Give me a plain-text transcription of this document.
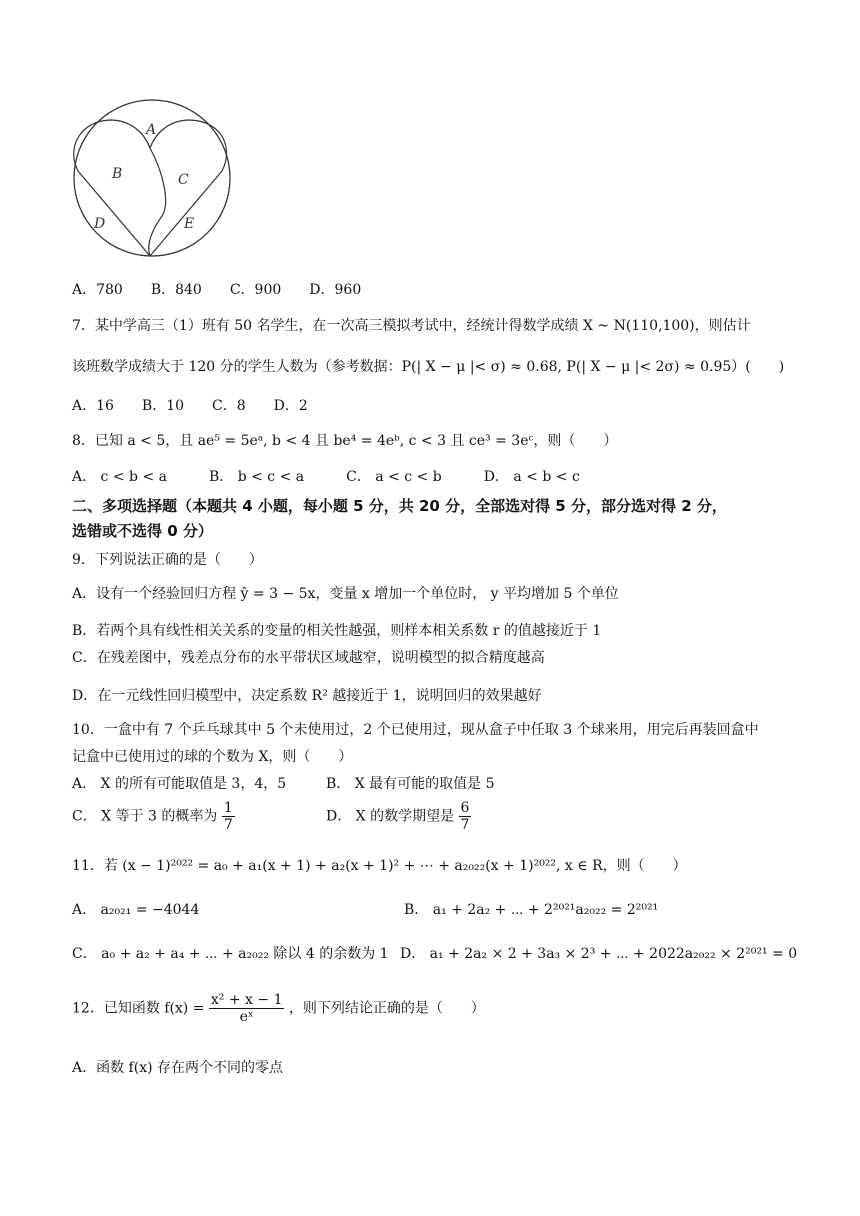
A
B	C
D	E
A．780　　B．840　　C．900　　D．960
7．某中学高三（1）班有 50 名学生，在一次高三模拟考试中，经统计得数学成绩 X ~ N(110,100)，则估计
该班数学成绩大于 120 分的学生人数为（参考数据：P(| X − μ |< σ) ≈ 0.68, P(| X − μ |< 2σ) ≈ 0.95）(　　)
A．16　　B．10　　C．8　　D．2
8．已知 a < 5，且 ae⁵ = 5eᵃ, b < 4 且 be⁴ = 4eᵇ, c < 3 且 ce³ = 3eᶜ，则（　　）
A． c < b < a　　　B． b < c < a　　　C． a < c < b　　　D． a < b < c
二、多项选择题（本题共 4 小题，每小题 5 分，共 20 分，全部选对得 5 分，部分选对得 2 分，
选错或不选得 0 分）
9．下列说法正确的是（　　）
A．设有一个经验回归方程 ŷ = 3 − 5x，变量 x 增加一个单位时， y 平均增加 5 个单位
B．若两个具有线性相关关系的变量的相关性越强，则样本相关系数 r 的值越接近于 1
C．在残差图中，残差点分布的水平带状区域越窄，说明模型的拟合精度越高
D．在一元线性回归模型中，决定系数 R² 越接近于 1，说明回归的效果越好
10．一盒中有 7 个乒乓球其中 5 个未使用过，2 个已使用过，现从盒子中任取 3 个球来用，用完后再装回盒中
记盒中已使用过的球的个数为 X，则（　　）
A． X 的所有可能取值是 3，4，5	B． X 最有可能的取值是 5
C． X 等于 3 的概率为 $\frac{1}{7}$	D． X 的数学期望是 $\frac{6}{7}$
11．若 (x − 1)²⁰²² = a₀ + a₁(x + 1) + a₂(x + 1)² + ⋯ + a₂₀₂₂(x + 1)²⁰²², x ∈ R，则（　　）
A． a₂₀₂₁ = −4044	B． a₁ + 2a₂ + ⋯ + 2²⁰²¹a₂₀₂₂ = 2²⁰²¹
C． a₀ + a₂ + a₄ + ⋯ + a₂₀₂₂ 除以 4 的余数为 1 D． a₁ + 2a₂ × 2 + 3a₃ × 2³ + ⋯ + 2022a₂₀₂₂ × 2²⁰²¹ = 0
12．已知函数 $f(x) = \frac{\text{x² + x − 1}}{\text{eˣ}}$ ，则下列结论正确的是（　　）
A．函数 f(x) 存在两个不同的零点
